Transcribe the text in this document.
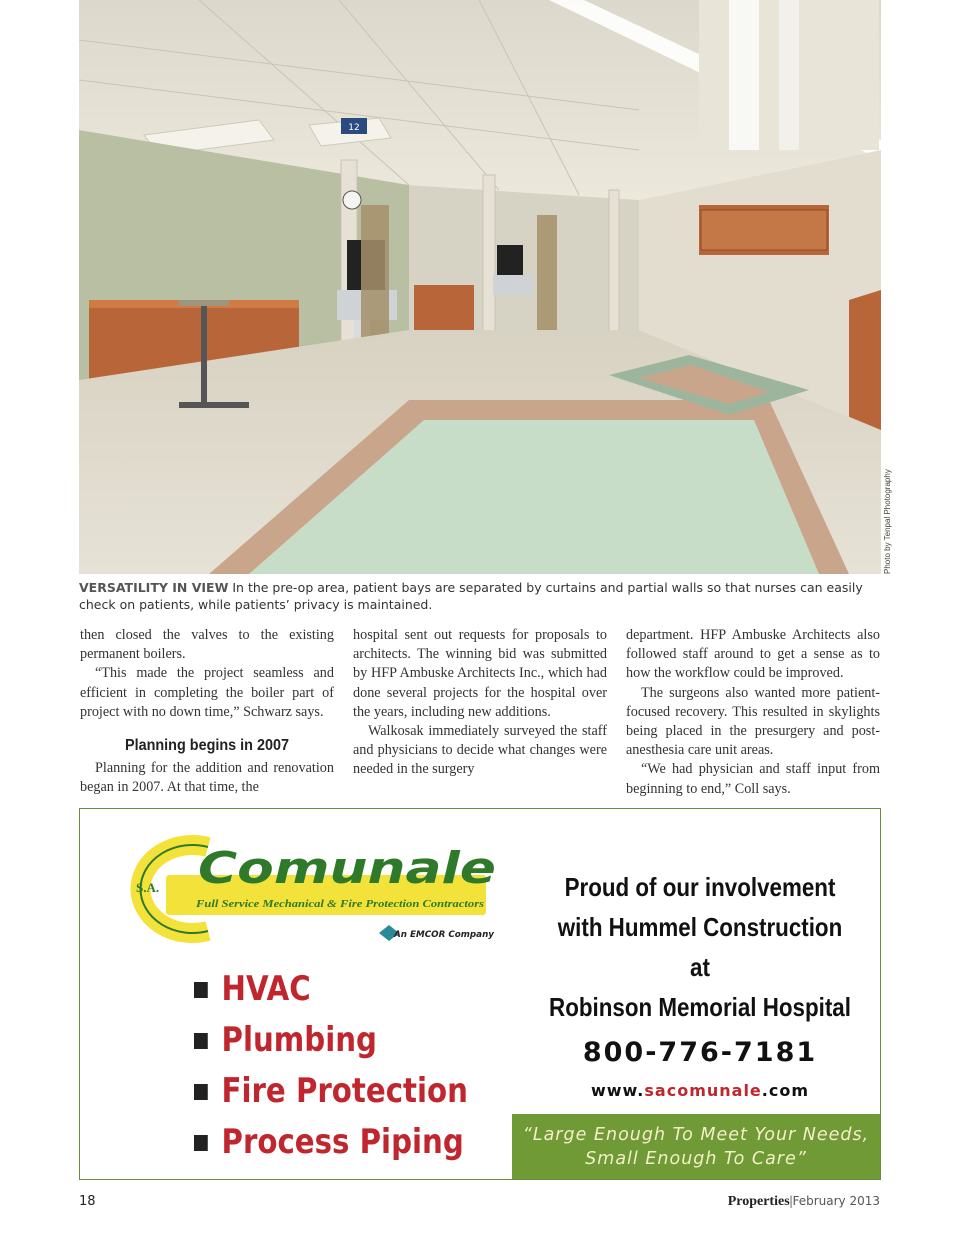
12
Photo by Tenpal Photography
VERSATILITY IN VIEW In the pre-op area, patient bays are separated by curtains and partial walls so that nurses can easily check on patients, while patients’ privacy is maintained.

then closed the valves to the existing permanent boilers.

“This made the project seamless and efficient in completing the boiler part of project with no down time,” Schwarz says.

Planning begins in 2007

Planning for the addition and renovation began in 2007. At that time, the

hospital sent out requests for proposals to architects. The winning bid was submitted by HFP Ambuske Architects Inc., which had done several projects for the hospital over the years, including new additions.

Walkosak immediately surveyed the staff and physicians to decide what changes were needed in the surgery

department. HFP Ambuske Architects also followed staff around to get a sense as to how the workflow could be improved.

The surgeons also wanted more patient-focused recovery. This resulted in skylights being placed in the presurgery and post-anesthesia care unit areas.

“We had physician and staff input from beginning to end,” Coll says.

S.A. Comunale
Full Service Mechanical & Fire Protection Contractors
An EMCOR Company
HVAC
Plumbing
Fire Protection
Process Piping
Proud of our involvement
with Hummel Construction at
Robinson Memorial Hospital
800-776-7181
www.sacomunale.com
“Large Enough To Meet Your Needs,
Small Enough To Care”
18	Properties|February 2013
